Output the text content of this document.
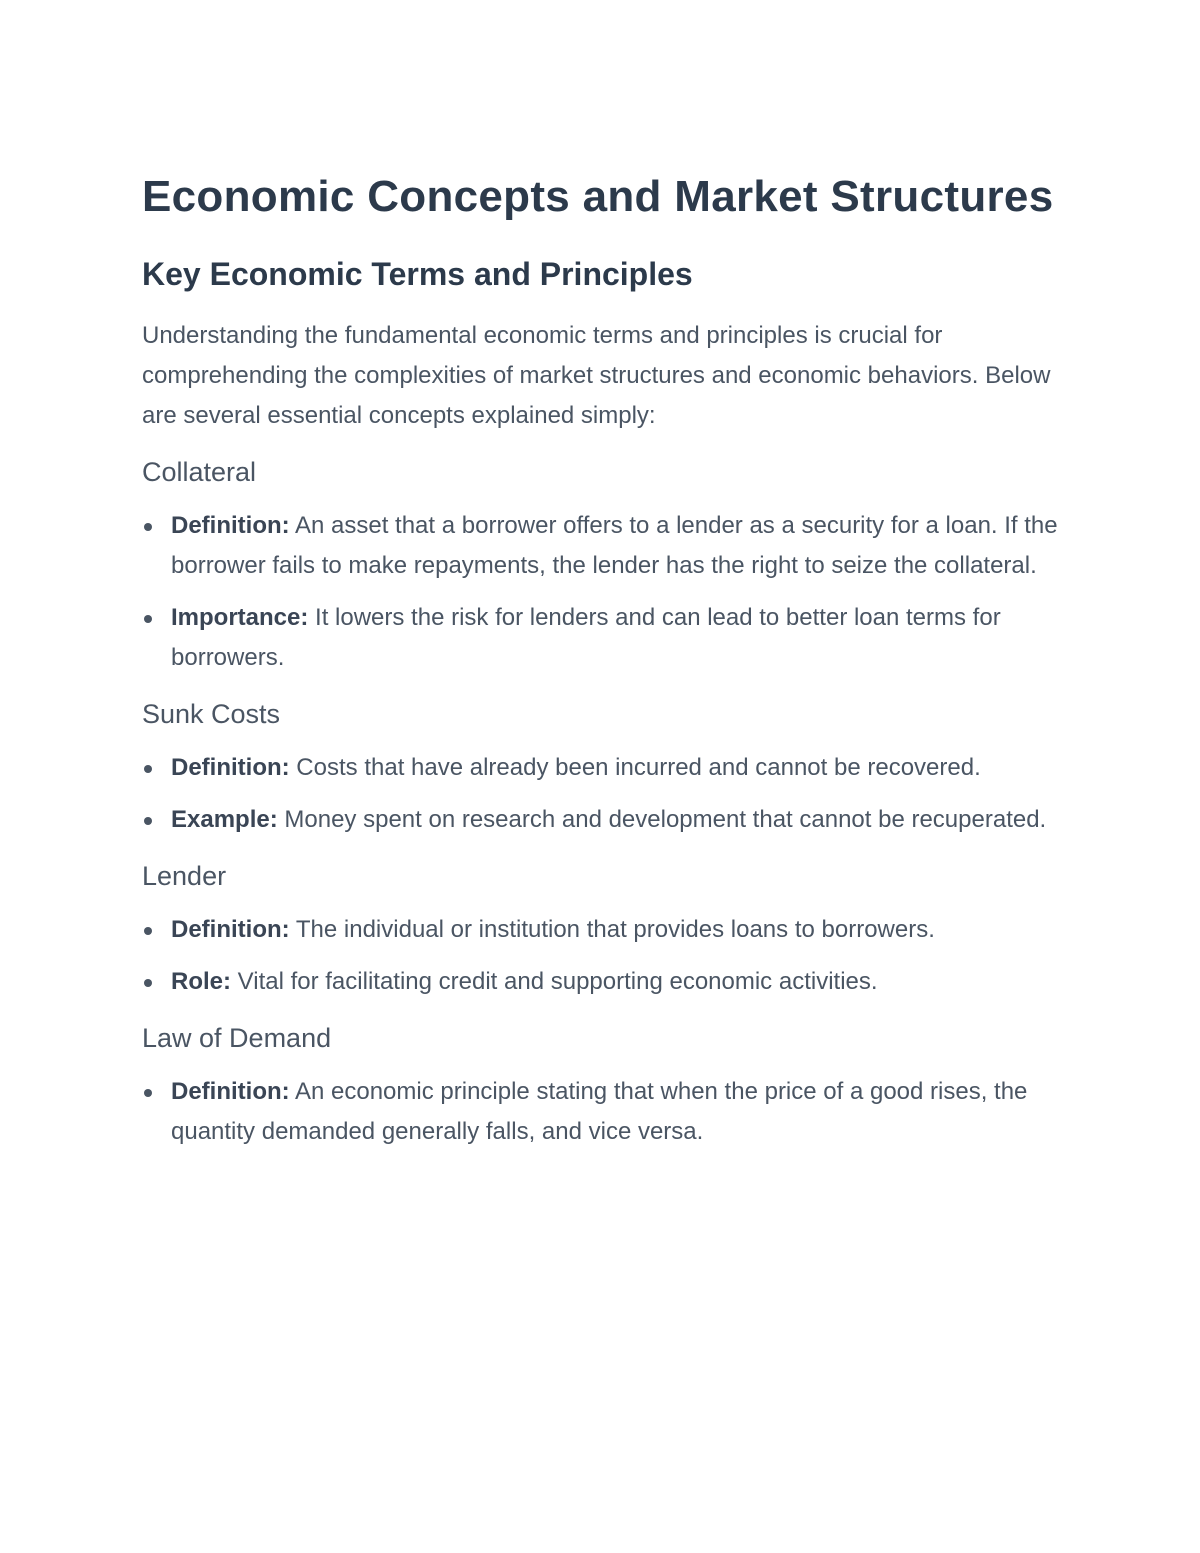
Economic Concepts and Market Structures
Key Economic Terms and Principles

Understanding the fundamental economic terms and principles is crucial for comprehending the complexities of market structures and economic behaviors. Below are several essential concepts explained simply:

Collateral
Definition: An asset that a borrower offers to a lender as a security for a loan. If the borrower fails to make repayments, the lender has the right to seize the collateral.
Importance: It lowers the risk for lenders and can lead to better loan terms for borrowers.
Sunk Costs
Definition: Costs that have already been incurred and cannot be recovered.
Example: Money spent on research and development that cannot be recuperated.
Lender
Definition: The individual or institution that provides loans to borrowers.
Role: Vital for facilitating credit and supporting economic activities.
Law of Demand
Definition: An economic principle stating that when the price of a good rises, the quantity demanded generally falls, and vice versa.
